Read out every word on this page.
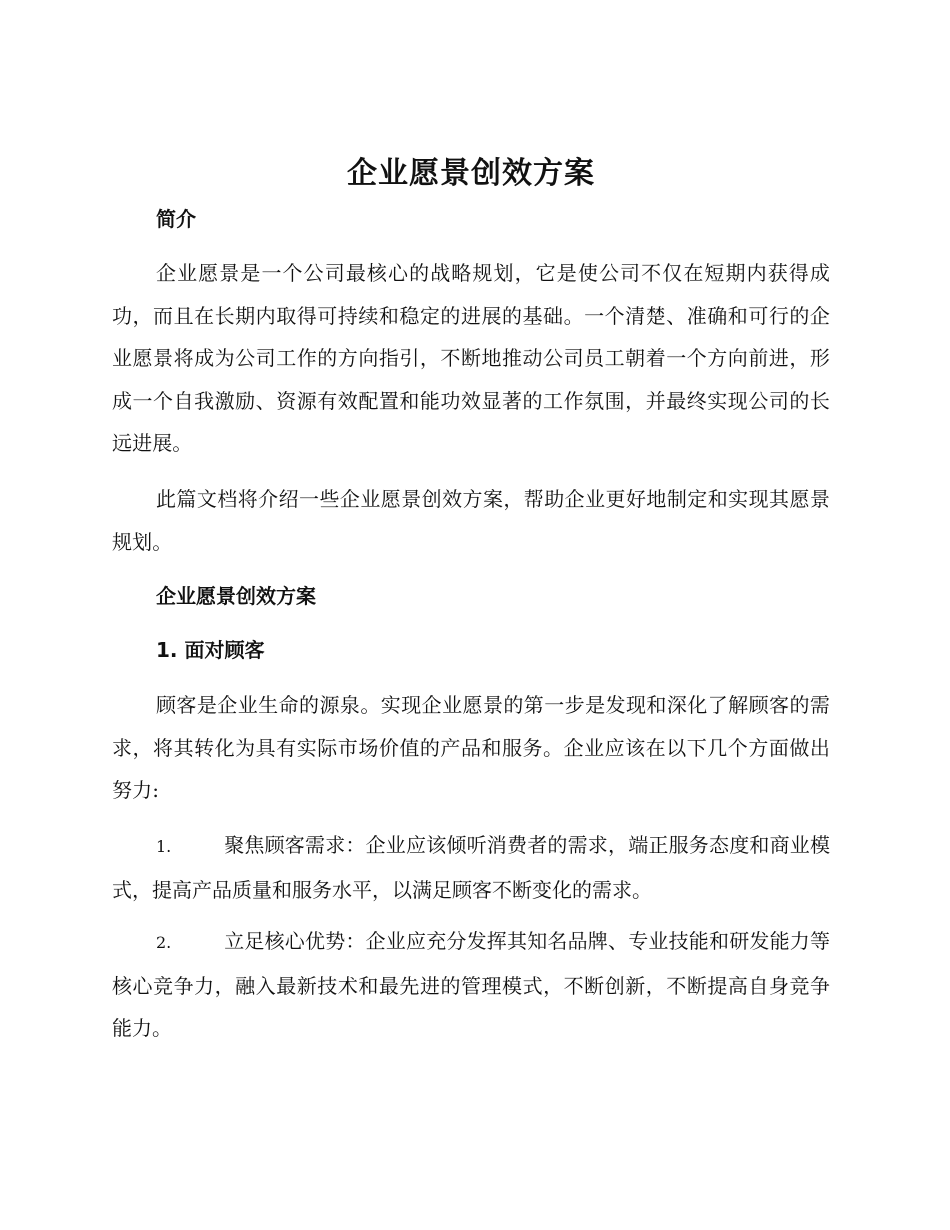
企业愿景创效方案
简介

企业愿景是一个公司最核心的战略规划，它是使公司不仅在短期内获得成功，而且在长期内取得可持续和稳定的进展的基础。一个清楚、准确和可行的企业愿景将成为公司工作的方向指引，不断地推动公司员工朝着一个方向前进，形成一个自我激励、资源有效配置和能功效显著的工作氛围，并最终实现公司的长远进展。

此篇文档将介绍一些企业愿景创效方案，帮助企业更好地制定和实现其愿景规划。

企业愿景创效方案
1. 面对顾客

顾客是企业生命的源泉。实现企业愿景的第一步是发现和深化了解顾客的需求，将其转化为具有实际市场价值的产品和服务。企业应该在以下几个方面做出努力:

1.	聚焦顾客需求：企业应该倾听消费者的需求，端正服务态度和商业模式，提高产品质量和服务水平，以满足顾客不断变化的需求。

2.	立足核心优势：企业应充分发挥其知名品牌、专业技能和研发能力等核心竞争力，融入最新技术和最先进的管理模式，不断创新，不断提高自身竞争能力。
